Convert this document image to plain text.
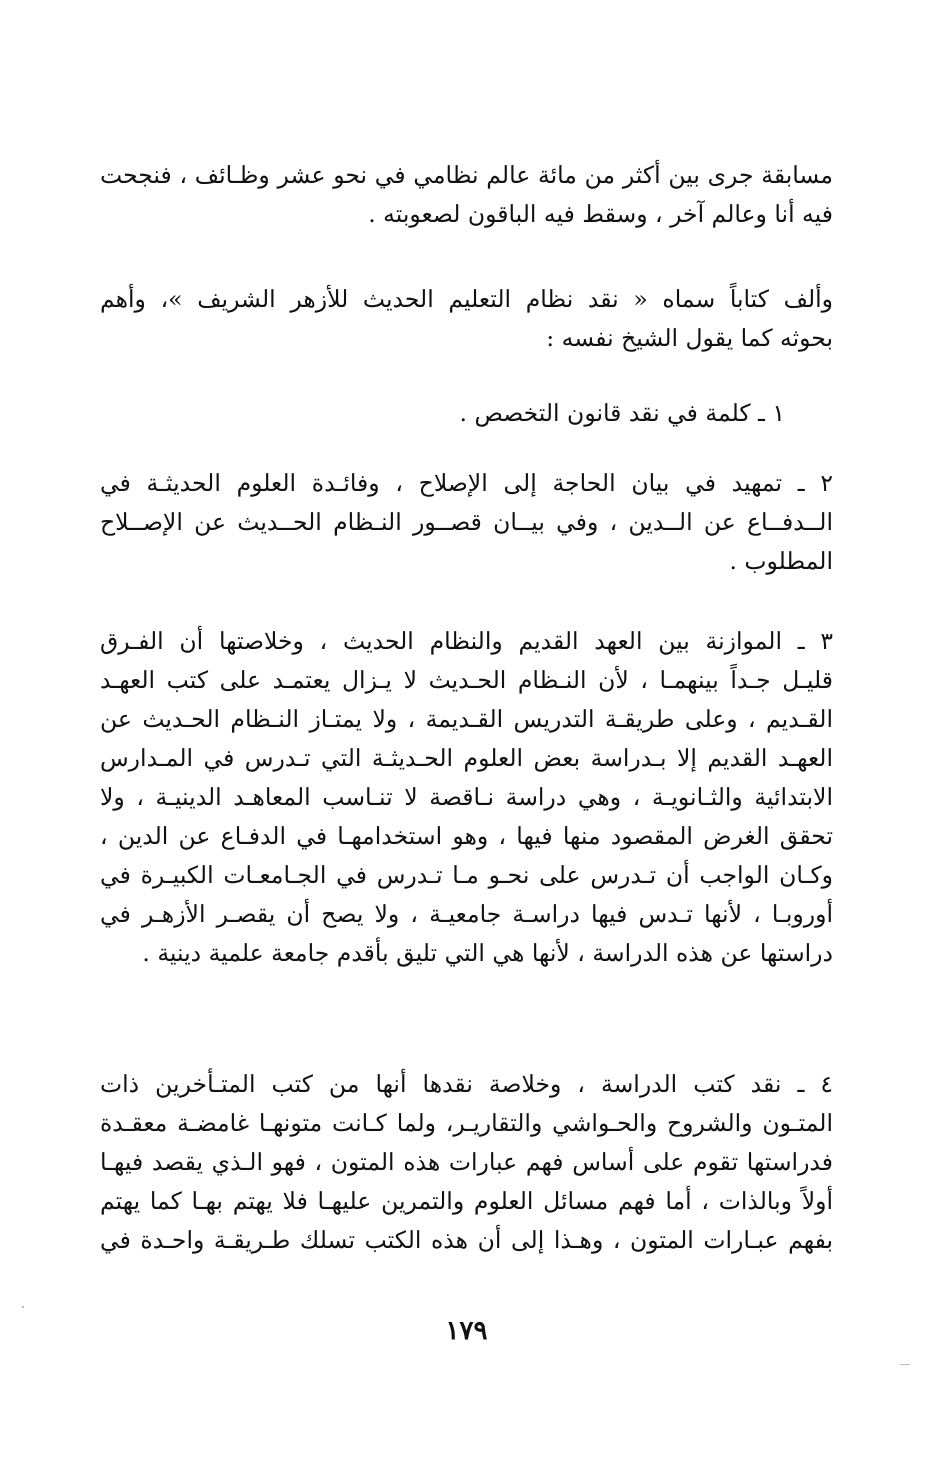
مسابقة جرى بين أكثر من مائة عالم نظامي في نحو عشر وظـائف ، فنجحت
فيه أنا وعالم آخر ، وسقط فيه الباقون لصعوبته .
وألف كتاباً سماه « نقد نظام التعليم الحديث للأزهر الشريف »، وأهم
بحوثه كما يقول الشيخ نفسه :
١ ـ كلمة في نقد قانون التخصص .
٢ ـ تمهيد في بيان الحاجة إلى الإصلاح ، وفائـدة العلوم الحديثـة في
الــدفــاع عن الــدين ، وفي بيــان قصــور النـظام الحــديث عن الإصــلاح
المطلوب .
٣ ـ الموازنة بين العهد القديم والنظام الحديث ، وخلاصتها أن الفـرق
قليـل جـداً بينهمـا ، لأن النـظام الحـديث لا يـزال يعتمـد على كتب العهـد
القـديم ، وعلى طريقـة التدريس القـديمة ، ولا يمتـاز النـظام الحـديث عن
العهـد القديم إلا بـدراسة بعض العلوم الحـديثـة التي تـدرس في المـدارس
الابتدائية والثـانويـة ، وهي دراسة نـاقصة لا تنـاسب المعاهـد الدينيـة ، ولا
تحقق الغرض المقصود منها فيها ، وهو استخدامهـا في الدفـاع عن الدين ،
وكـان الواجب أن تـدرس على نحـو مـا تـدرس في الجـامعـات الكبيـرة في
أوروبـا ، لأنها تـدس فيها دراسـة جامعيـة ، ولا يصح أن يقصـر الأزهـر في
دراستها عن هذه الدراسة ، لأنها هي التي تليق بأقدم جامعة علمية دينية .
٤ ـ نقد كتب الدراسة ، وخلاصة نقدها أنها من كتب المتـأخرين ذات
المتـون والشروح والحـواشي والتقاريـر، ولما كـانت متونهـا غامضـة معقـدة
فدراستها تقوم على أساس فهم عبارات هذه المتون ، فهو الـذي يقصد فيهـا
أولاً وبالذات ، أما فهم مسائل العلوم والتمرين عليهـا فلا يهتم بهـا كما يهتم
بفهم عبـارات المتون ، وهـذا إلى أن هذه الكتب تسلك طـريقـة واحـدة في
١٧٩
